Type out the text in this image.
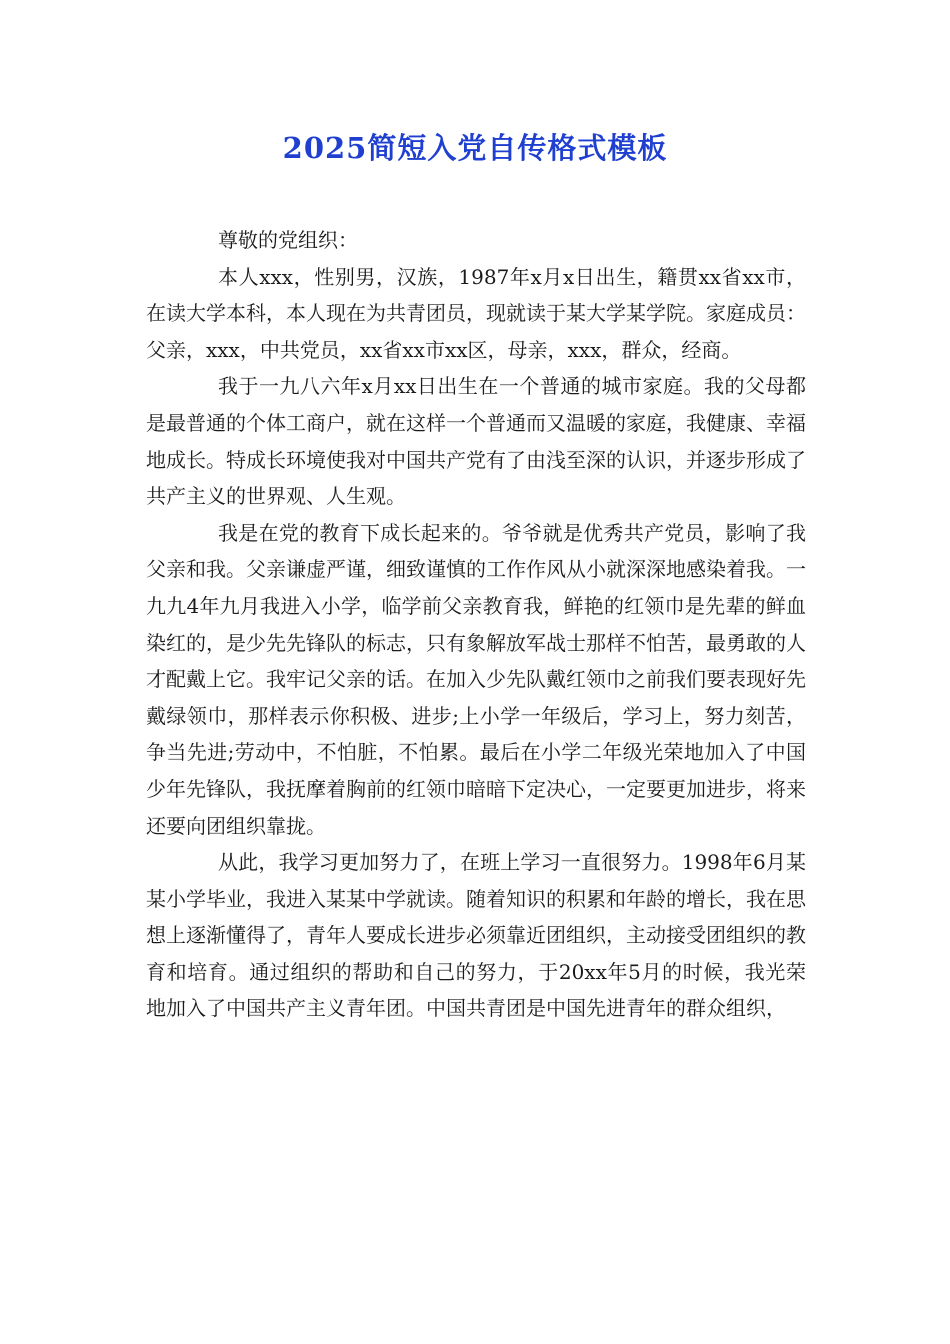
2025简短入党自传格式模板

尊敬的党组织：

本人xxx，性别男，汉族，1987年x月x日出生，籍贯xx省xx市，在读大学本科，本人现在为共青团员，现就读于某大学某学院。家庭成员：父亲，xxx，中共党员，xx省xx市xx区，母亲，xxx，群众，经商。

我于一九八六年x月xx日出生在一个普通的城市家庭。我的父母都是最普通的个体工商户，就在这样一个普通而又温暖的家庭，我健康、幸福地成长。特成长环境使我对中国共产党有了由浅至深的认识，并逐步形成了共产主义的世界观、人生观。

我是在党的教育下成长起来的。爷爷就是优秀共产党员，影响了我父亲和我。父亲谦虚严谨，细致谨慎的工作作风从小就深深地感染着我。一九九4年九月我进入小学，临学前父亲教育我，鲜艳的红领巾是先辈的鲜血染红的，是少先先锋队的标志，只有象解放军战士那样不怕苦，最勇敢的人才配戴上它。我牢记父亲的话。在加入少先队戴红领巾之前我们要表现好先戴绿领巾，那样表示你积极、进步;上小学一年级后，学习上，努力刻苦，争当先进;劳动中，不怕脏，不怕累。最后在小学二年级光荣地加入了中国少年先锋队，我抚摩着胸前的红领巾暗暗下定决心，一定要更加进步，将来还要向团组织靠拢。

从此，我学习更加努力了，在班上学习一直很努力。1998年6月某某小学毕业，我进入某某中学就读。随着知识的积累和年龄的增长，我在思想上逐渐懂得了，青年人要成长进步必须靠近团组织，主动接受团组织的教育和培育。通过组织的帮助和自己的努力，于20xx年5月的时候，我光荣地加入了中国共产主义青年团。中国共青团是中国先进青年的群众组织，
